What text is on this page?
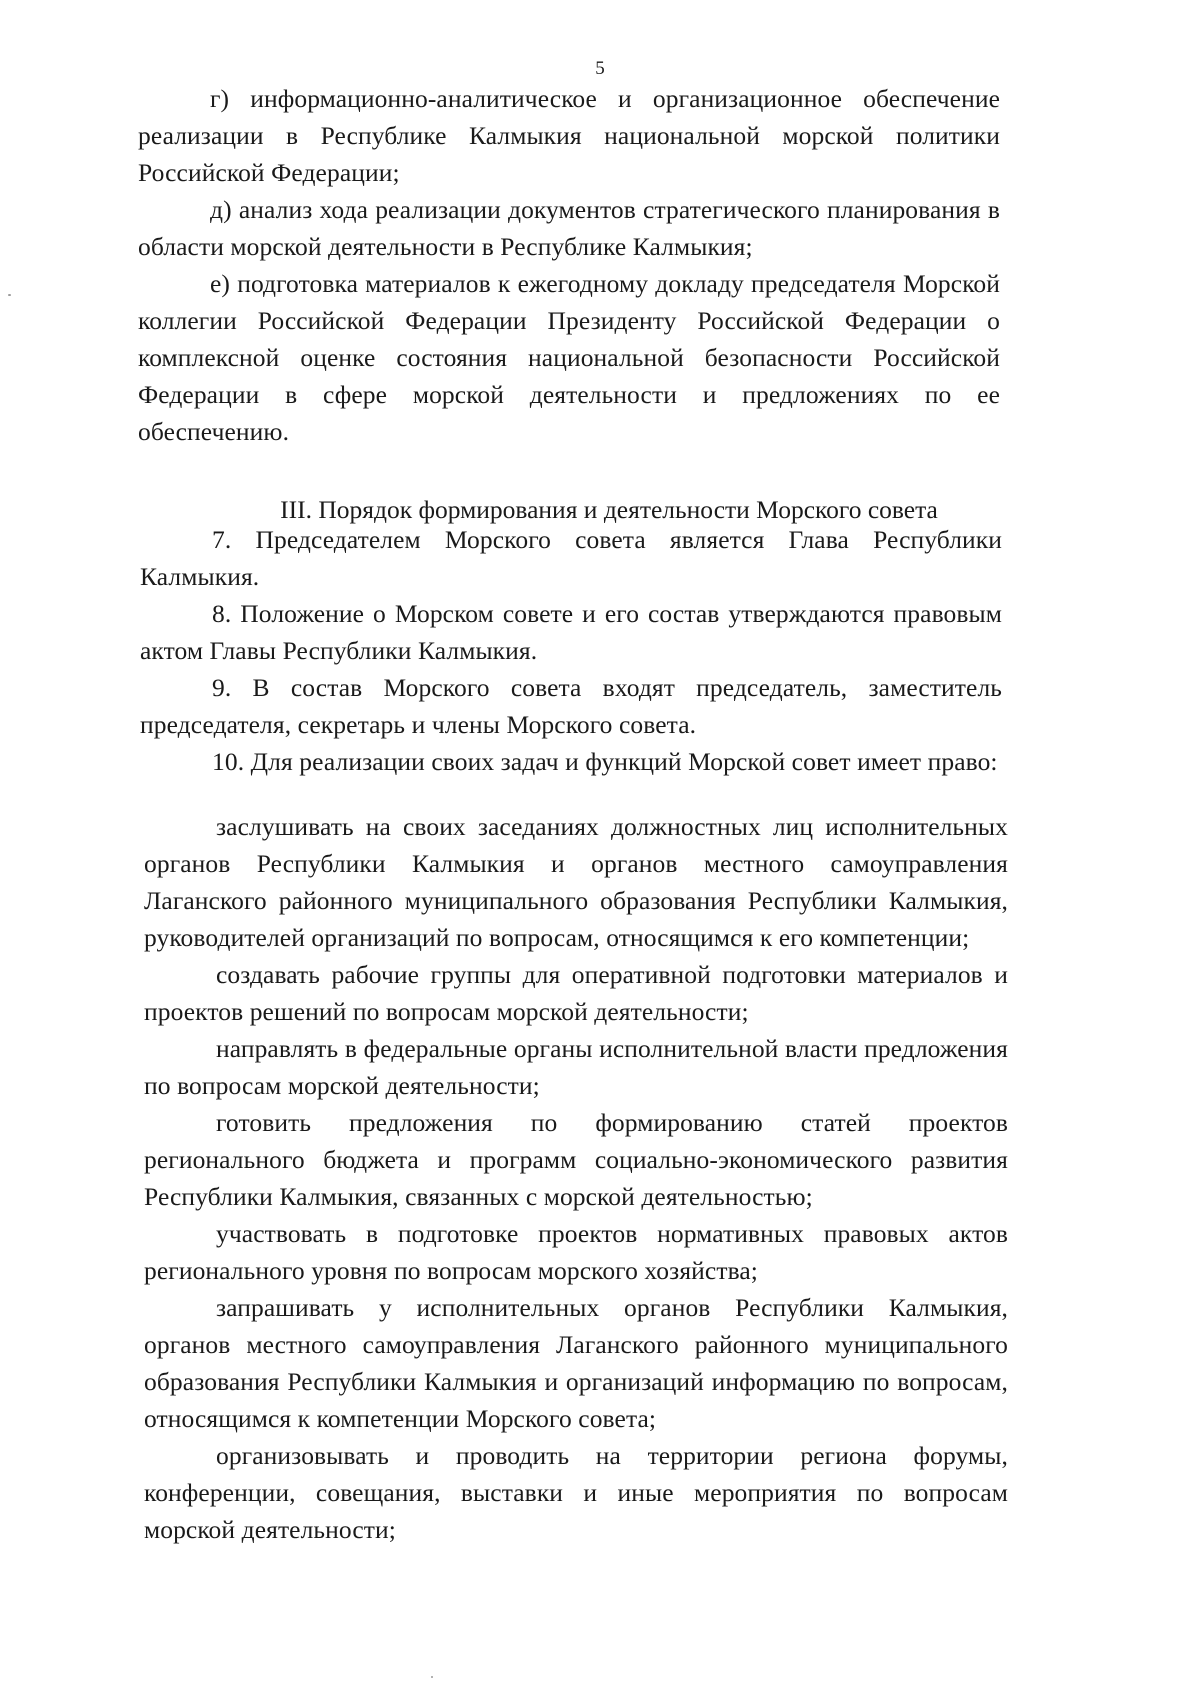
5

г) информационно-аналитическое и организационное обеспечение реализации в Республике Калмыкия национальной морской политики Российской Федерации;

д) анализ хода реализации документов стратегического планирования в области морской деятельности в Республике Калмыкия;

е) подготовка материалов к ежегодному докладу председателя Морской коллегии Российской Федерации Президенту Российской Федерации о комплексной оценке состояния национальной безопасности Российской Федерации в сфере морской деятельности и предложениях по ее обеспечению.

III. Порядок формирования и деятельности Морского совета

7. Председателем Морского совета является Глава Республики Калмыкия.

8. Положение о Морском совете и его состав утверждаются правовым актом Главы Республики Калмыкия.

9. В состав Морского совета входят председатель, заместитель председателя, секретарь и члены Морского совета.

10. Для реализации своих задач и функций Морской совет имеет право:

заслушивать на своих заседаниях должностных лиц исполнительных органов Республики Калмыкия и органов местного самоуправления Лаганского районного муниципального образования Республики Калмыкия, руководителей организаций по вопросам, относящимся к его компетенции;

создавать рабочие группы для оперативной подготовки материалов и проектов решений по вопросам морской деятельности;

направлять в федеральные органы исполнительной власти предложения по вопросам морской деятельности;

готовить предложения по формированию статей проектов регионального бюджета и программ социально-экономического развития Республики Калмыкия, связанных с морской деятельностью;

участвовать в подготовке проектов нормативных правовых актов регионального уровня по вопросам морского хозяйства;

запрашивать у исполнительных органов Республики Калмыкия, органов местного самоуправления Лаганского районного муниципального образования Республики Калмыкия и организаций информацию по вопросам, относящимся к компетенции Морского совета;

организовывать и проводить на территории региона форумы, конференции, совещания, выставки и иные мероприятия по вопросам морской деятельности;
